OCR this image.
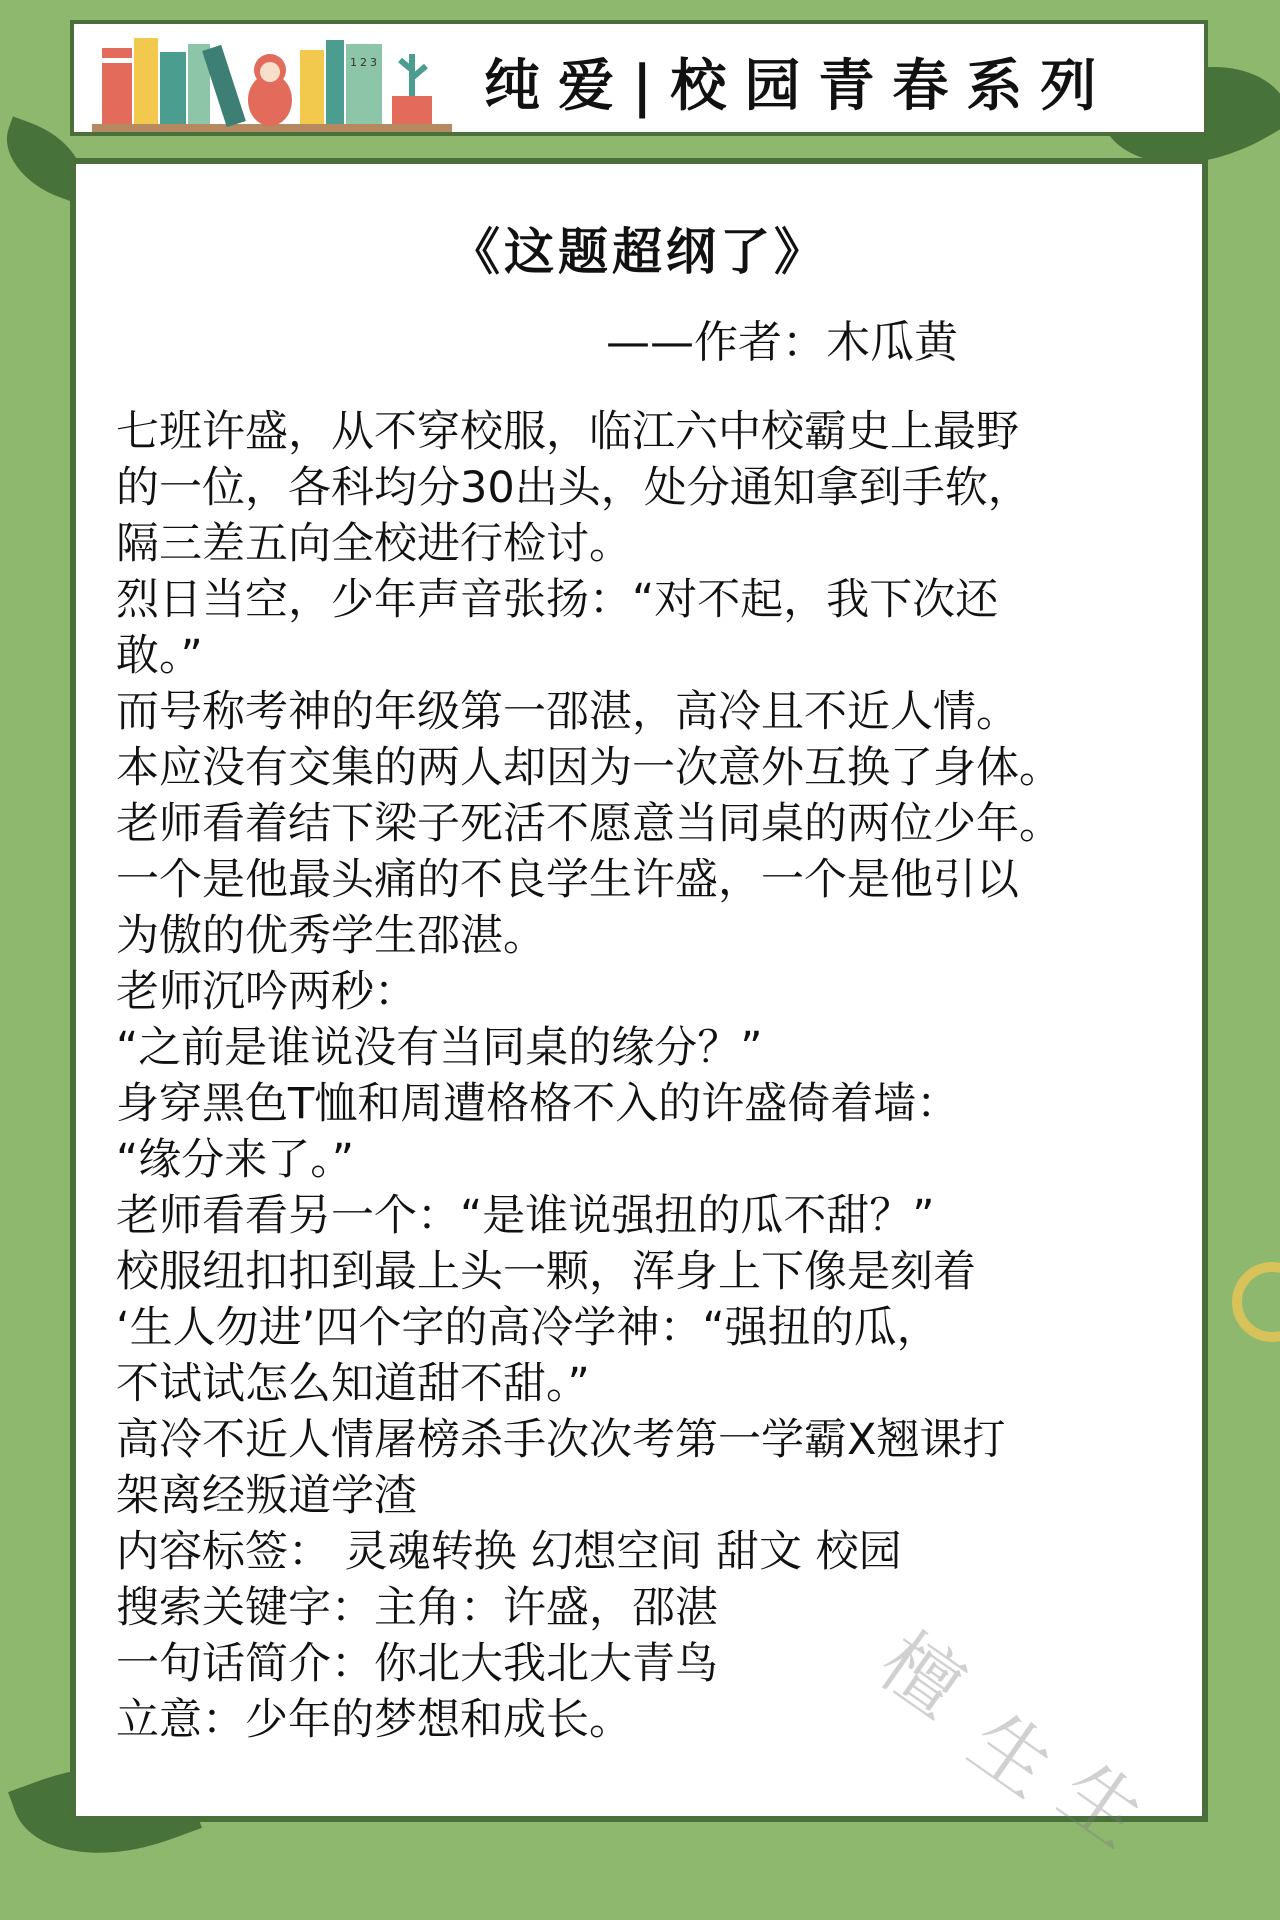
1 2 3 纯爱|校园青春系列
《这题超纲了》
——作者：木瓜黄
七班许盛，从不穿校服，临江六中校霸史上最野
的一位，各科均分30出头，处分通知拿到手软，
隔三差五向全校进行检讨。
烈日当空，少年声音张扬：“对不起，我下次还
敢。”
而号称考神的年级第一邵湛，高冷且不近人情。
本应没有交集的两人却因为一次意外互换了身体。
老师看着结下梁子死活不愿意当同桌的两位少年。
一个是他最头痛的不良学生许盛，一个是他引以
为傲的优秀学生邵湛。
老师沉吟两秒：
“之前是谁说没有当同桌的缘分？”
身穿黑色T恤和周遭格格不入的许盛倚着墙：
“缘分来了。”
老师看看另一个：“是谁说强扭的瓜不甜？”
校服纽扣扣到最上头一颗，浑身上下像是刻着
‘生人勿进’四个字的高冷学神：“强扭的瓜，
不试试怎么知道甜不甜。”
高冷不近人情屠榜杀手次次考第一学霸X翘课打
架离经叛道学渣
内容标签： 灵魂转换 幻想空间 甜文 校园
搜索关键字：主角：许盛，邵湛
一句话简介：你北大我北大青鸟
立意：少年的梦想和成长。	檀
生
生
